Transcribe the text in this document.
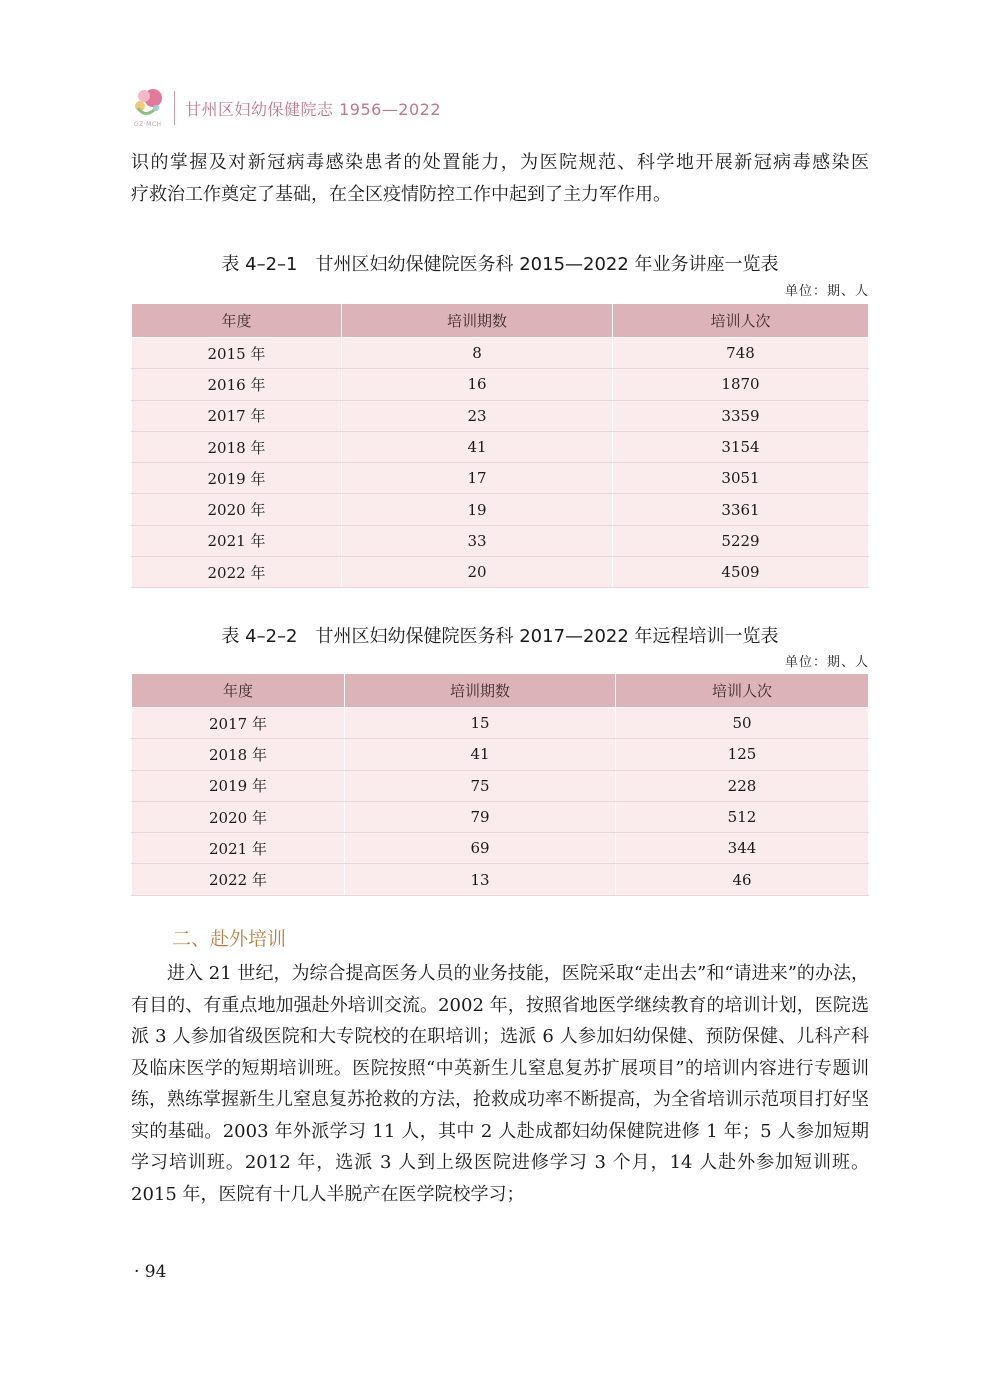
GZ·MCH
甘州区妇幼保健院志 1956—2022
识的掌握及对新冠病毒感染患者的处置能力，为医院规范、科学地开展新冠病毒感染医
疗救治工作奠定了基础，在全区疫情防控工作中起到了主力军作用。
表 4–2–1　甘州区妇幼保健院医务科 2015—2022 年业务讲座一览表
单位：期、人
年度	培训期数	培训人次
2015 年	8	748
2016 年	16	1870
2017 年	23	3359
2018 年	41	3154
2019 年	17	3051
2020 年	19	3361
2021 年	33	5229
2022 年	20	4509
表 4–2–2　甘州区妇幼保健院医务科 2017—2022 年远程培训一览表
单位：期、人
年度	培训期数	培训人次
2017 年	15	50
2018 年	41	125
2019 年	75	228
2020 年	79	512
2021 年	69	344
2022 年	13	46
二、赴外培训
进入 21 世纪，为综合提高医务人员的业务技能，医院采取“走出去”和“请进来”的办法，有目的、有重点地加强赴外培训交流。2002 年，按照省地医学继续教育的培训计划，医院选派 3 人参加省级医院和大专院校的在职培训；选派 6 人参加妇幼保健、预防保健、儿科产科及临床医学的短期培训班。医院按照“中英新生儿窒息复苏扩展项目”的培训内容进行专题训练，熟练掌握新生儿窒息复苏抢救的方法，抢救成功率不断提高，为全省培训示范项目打好坚实的基础。2003 年外派学习 11 人，其中 2 人赴成都妇幼保健院进修 1 年；5 人参加短期学习培训班。2012 年，选派 3 人到上级医院进修学习 3 个月，14 人赴外参加短训班。2015 年，医院有十几人半脱产在医学院校学习；
· 94
